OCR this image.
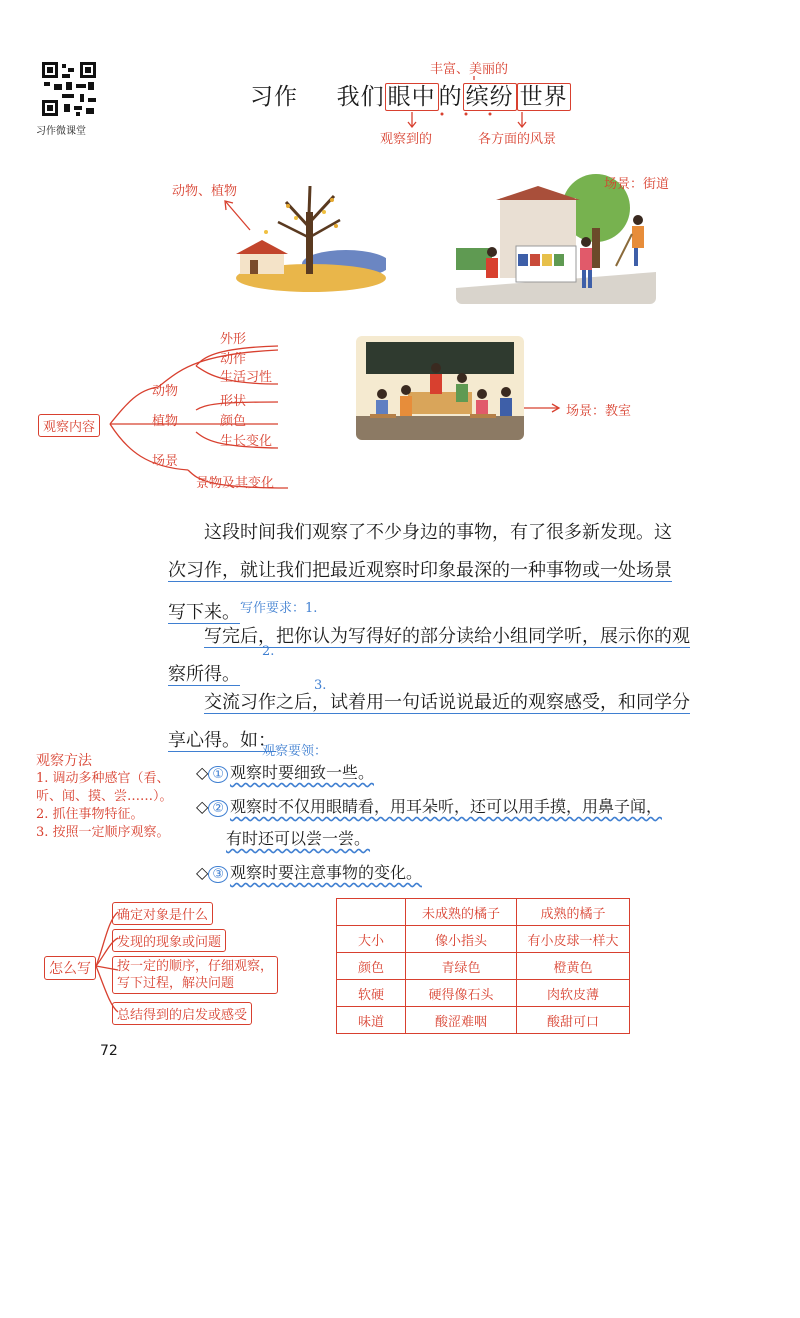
习作微课堂
丰富、美丽的
习作 我们 眼中 的 缤纷 世界
观察到的	各方面的风景
动物、植物	场景：街道
观察内容
动物
植物
场景
外形
动作
生活习性
形状
颜色
生长变化
景物及其变化
场景：教室
这段时间我们观察了不少身边的事物，有了很多新发现。这
次习作，就让我们把最近观察时印象最深的一种事物或一处场景
写下来。$^{写作要求:1.}$
写完后，把你认为写得好的部分读给小组同学听，展示你的观
察所得。
2.
交流习作之后，试着用一句话说说最近的观察感受，和同学分
享心得。如：
3.
观察要领：
◇ ① 观察时要细致一些。
◇ ② 观察时不仅用眼睛看，用耳朵听，还可以用手摸，用鼻子闻，
有时还可以尝一尝。
◇ ③ 观察时要注意事物的变化。
观察方法
1. 调动多种感官（看、
听、闻、摸、尝……）。
2. 抓住事物特征。
3. 按照一定顺序观察。
怎么写
确定对象是什么
发现的现象或问题
按一定的顺序，仔细观察，
写下过程，解决问题
总结得到的启发或感受
	未成熟的橘子	成熟的橘子
大小	像小指头	有小皮球一样大
颜色	青绿色	橙黄色
软硬	硬得像石头	肉软皮薄
味道	酸涩难咽	酸甜可口
72
